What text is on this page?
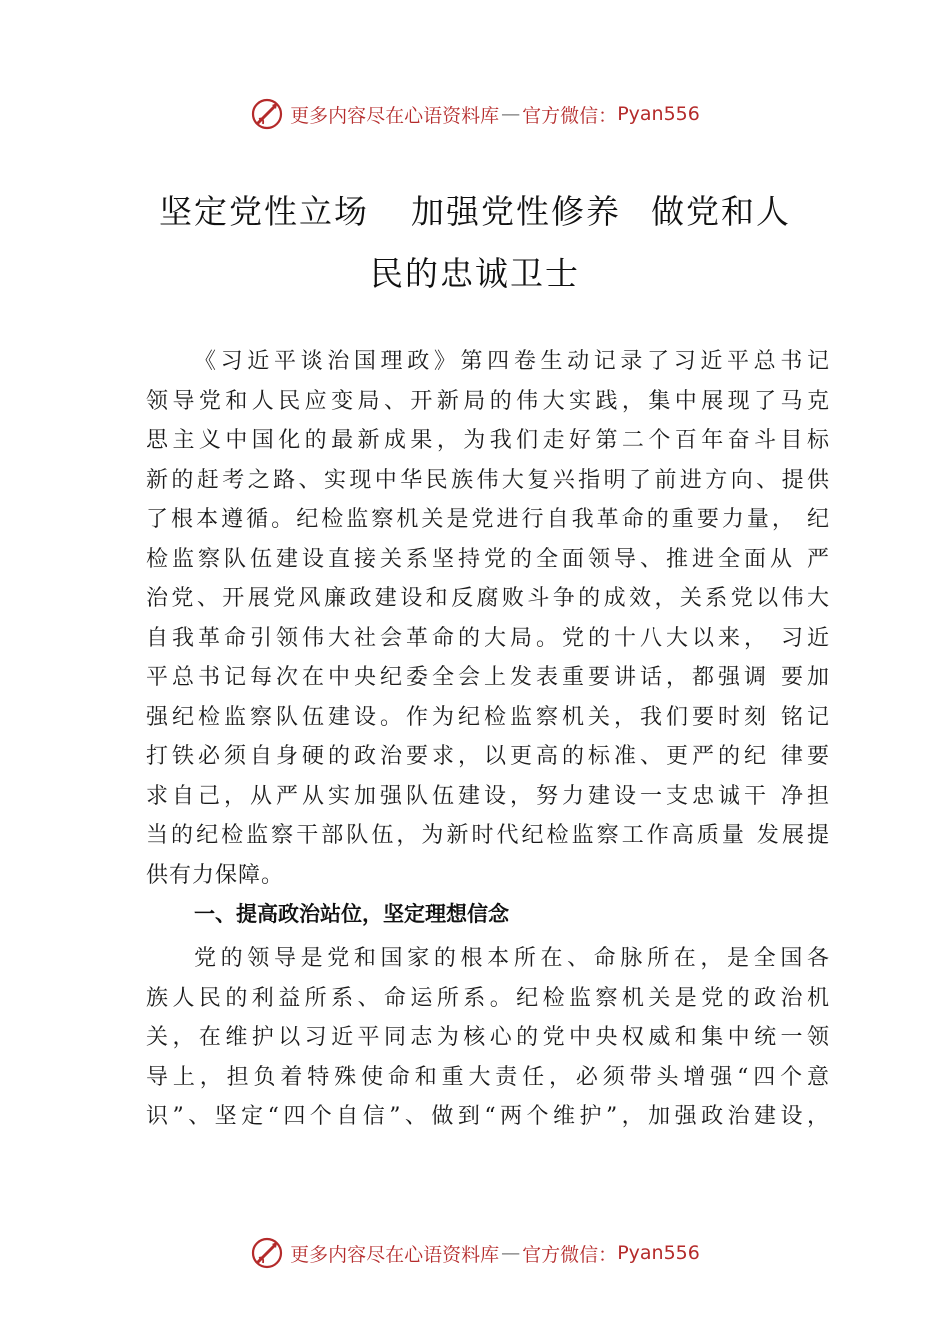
更多内容尽在心语资料库 — 官方微信： Pyan556
坚定党性立场 加强党性修养 做党和人
民的忠诚卫士
《习近平谈治国理政》第四卷生动记录了习近平总书记
领导党和人民应变局、开新局的伟大实践，集中展现了马克
思主义中国化的最新成果，为我们走好第二个百年奋斗目标
新的赶考之路、实现中华民族伟大复兴指明了前进方向、提供
了根本遵循。纪检监察机关是党进行自我革命的重要力量， 纪
检监察队伍建设直接关系坚持党的全面领导、推进全面从 严
治党、开展党风廉政建设和反腐败斗争的成效，关系党以伟大
自我革命引领伟大社会革命的大局。党的十八大以来， 习近
平总书记每次在中央纪委全会上发表重要讲话，都强调 要加
强纪检监察队伍建设。作为纪检监察机关，我们要时刻 铭记
打铁必须自身硬的政治要求，以更高的标准、更严的纪 律要
求自己，从严从实加强队伍建设，努力建设一支忠诚干 净担
当的纪检监察干部队伍，为新时代纪检监察工作高质量 发展提
供有力保障。
一、提高政治站位，坚定理想信念
党的领导是党和国家的根本所在、命脉所在，是全国各
族人民的利益所系、命运所系。纪检监察机关是党的政治机
关，在维护以习近平同志为核心的党中央权威和集中统一领
导上，担负着特殊使命和重大责任，必须带头增强“四个意
识”、坚定“四个自信”、做到“两个维护”，加强政治建设，
更多内容尽在心语资料库 — 官方微信： Pyan556
